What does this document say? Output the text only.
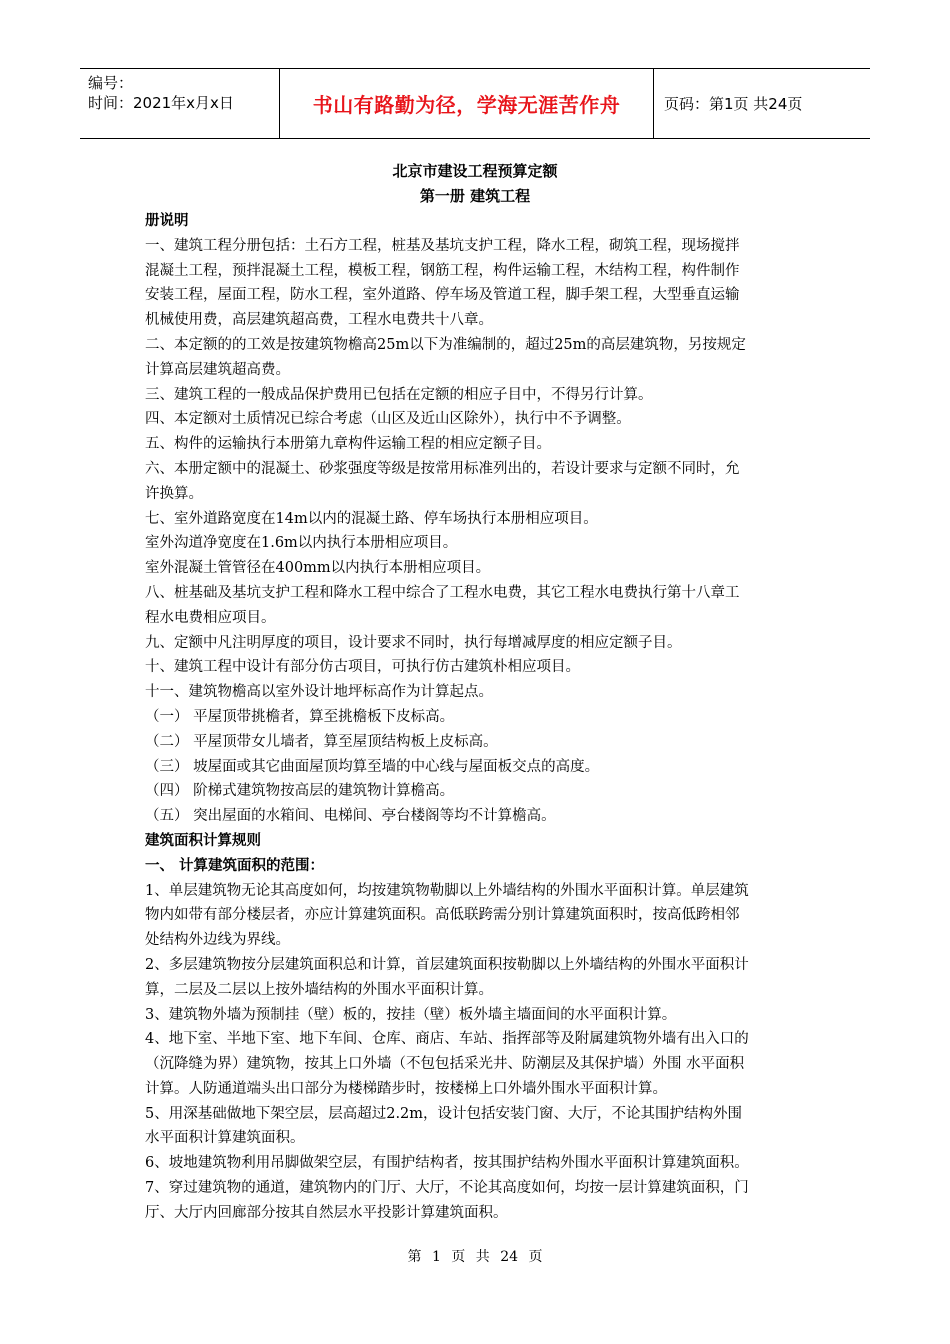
编号：
时间：2021年x月x日	书山有路勤为径，学海无涯苦作舟	页码：第1页 共24页
北京市建设工程预算定额
第一册 建筑工程

册说明

一、建筑工程分册包括：土石方工程，桩基及基坑支护工程，降水工程，砌筑工程，现场搅拌

混凝土工程，预拌混凝土工程，模板工程，钢筋工程，构件运输工程，木结构工程，构件制作

安装工程，屋面工程，防水工程，室外道路、停车场及管道工程，脚手架工程，大型垂直运输

机械使用费，高层建筑超高费，工程水电费共十八章。

二、本定额的的工效是按建筑物檐高25m以下为准编制的，超过25m的高层建筑物，另按规定

计算高层建筑超高费。

三、建筑工程的一般成品保护费用已包括在定额的相应子目中，不得另行计算。

四、本定额对土质情况已综合考虑（山区及近山区除外），执行中不予调整。

五、构件的运输执行本册第九章构件运输工程的相应定额子目。

六、本册定额中的混凝土、砂浆强度等级是按常用标准列出的，若设计要求与定额不同时，允

许换算。

七、室外道路宽度在14m以内的混凝土路、停车场执行本册相应项目。

室外沟道净宽度在1.6m以内执行本册相应项目。

室外混凝土管管径在400mm以内执行本册相应项目。

八、桩基础及基坑支护工程和降水工程中综合了工程水电费，其它工程水电费执行第十八章工

程水电费相应项目。

九、定额中凡注明厚度的项目，设计要求不同时，执行每增减厚度的相应定额子目。

十、建筑工程中设计有部分仿古项目，可执行仿古建筑朴相应项目。

十一、建筑物檐高以室外设计地坪标高作为计算起点。

（一） 平屋顶带挑檐者，算至挑檐板下皮标高。

（二） 平屋顶带女儿墙者，算至屋顶结构板上皮标高。

（三） 坡屋面或其它曲面屋顶均算至墙的中心线与屋面板交点的高度。

（四） 阶梯式建筑物按高层的建筑物计算檐高。

（五） 突出屋面的水箱间、电梯间、亭台楼阁等均不计算檐高。

建筑面积计算规则

一、 计算建筑面积的范围：

1、单层建筑物无论其高度如何，均按建筑物勒脚以上外墙结构的外围水平面积计算。单层建筑

物内如带有部分楼层者，亦应计算建筑面积。高低联跨需分别计算建筑面积时，按高低跨相邻

处结构外边线为界线。

2、多层建筑物按分层建筑面积总和计算，首层建筑面积按勒脚以上外墙结构的外围水平面积计

算，二层及二层以上按外墙结构的外围水平面积计算。

3、建筑物外墙为预制挂（壁）板的，按挂（壁）板外墙主墙面间的水平面积计算。

4、地下室、半地下室、地下车间、仓库、商店、车站、指挥部等及附属建筑物外墙有出入口的

（沉降缝为界）建筑物，按其上口外墙（不包包括采光井、防潮层及其保护墙）外围 水平面积

计算。人防通道端头出口部分为楼梯踏步时，按楼梯上口外墙外围水平面积计算。

5、用深基础做地下架空层，层高超过2.2m，设计包括安装门窗、大厅，不论其围护结构外围

水平面积计算建筑面积。

6、坡地建筑物利用吊脚做架空层，有围护结构者，按其围护结构外围水平面积计算建筑面积。

7、穿过建筑物的通道，建筑物内的门厅、大厅，不论其高度如何，均按一层计算建筑面积，门

厅、大厅内回廊部分按其自然层水平投影计算建筑面积。

第 1 页 共 24 页
